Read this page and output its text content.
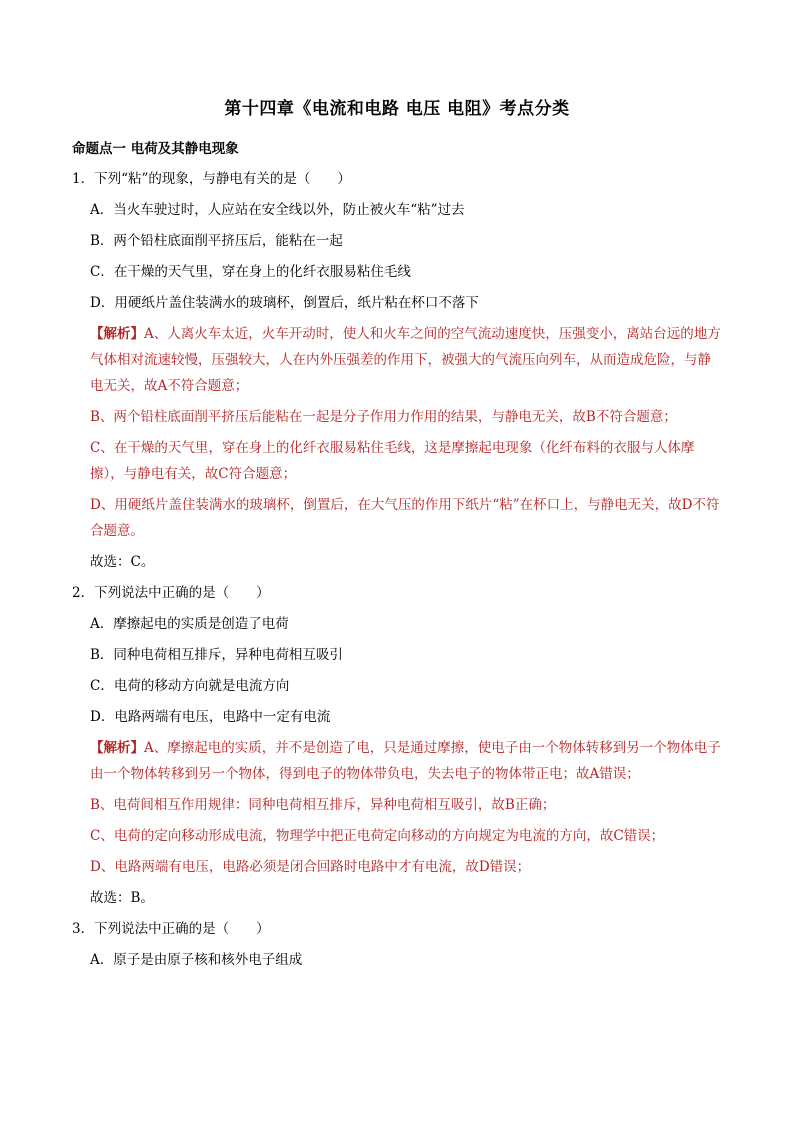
第十四章《电流和电路 电压 电阻》考点分类
命题点一 电荷及其静电现象
1．下列“粘”的现象，与静电有关的是（　　）
A．当火车驶过时，人应站在安全线以外，防止被火车“粘”过去
B．两个铅柱底面削平挤压后，能粘在一起
C．在干燥的天气里，穿在身上的化纤衣服易粘住毛线
D．用硬纸片盖住装满水的玻璃杯，倒置后，纸片粘在杯口不落下

【解析】A、人离火车太近，火车开动时，使人和火车之间的空气流动速度快，压强变小，离站台远的地方气体相对流速较慢，压强较大，人在内外压强差的作用下，被强大的气流压向列车，从而造成危险，与静电无关，故A不符合题意；

B、两个铅柱底面削平挤压后能粘在一起是分子作用力作用的结果，与静电无关，故B不符合题意；

C、在干燥的天气里，穿在身上的化纤衣服易粘住毛线，这是摩擦起电现象（化纤布料的衣服与人体摩擦），与静电有关，故C符合题意；

D、用硬纸片盖住装满水的玻璃杯，倒置后，在大气压的作用下纸片“粘”在杯口上，与静电无关，故D不符合题意。

故选：C。
2．下列说法中正确的是（　　）
A．摩擦起电的实质是创造了电荷
B．同种电荷相互排斥，异种电荷相互吸引
C．电荷的移动方向就是电流方向
D．电路两端有电压，电路中一定有电流

【解析】A、摩擦起电的实质，并不是创造了电，只是通过摩擦，使电子由一个物体转移到另一个物体电子由一个物体转移到另一个物体，得到电子的物体带负电，失去电子的物体带正电；故A错误；

B、电荷间相互作用规律：同种电荷相互排斥，异种电荷相互吸引，故B正确；

C、电荷的定向移动形成电流，物理学中把正电荷定向移动的方向规定为电流的方向，故C错误；

D、电路两端有电压，电路必须是闭合回路时电路中才有电流，故D错误；

故选：B。
3．下列说法中正确的是（　　）
A．原子是由原子核和核外电子组成
